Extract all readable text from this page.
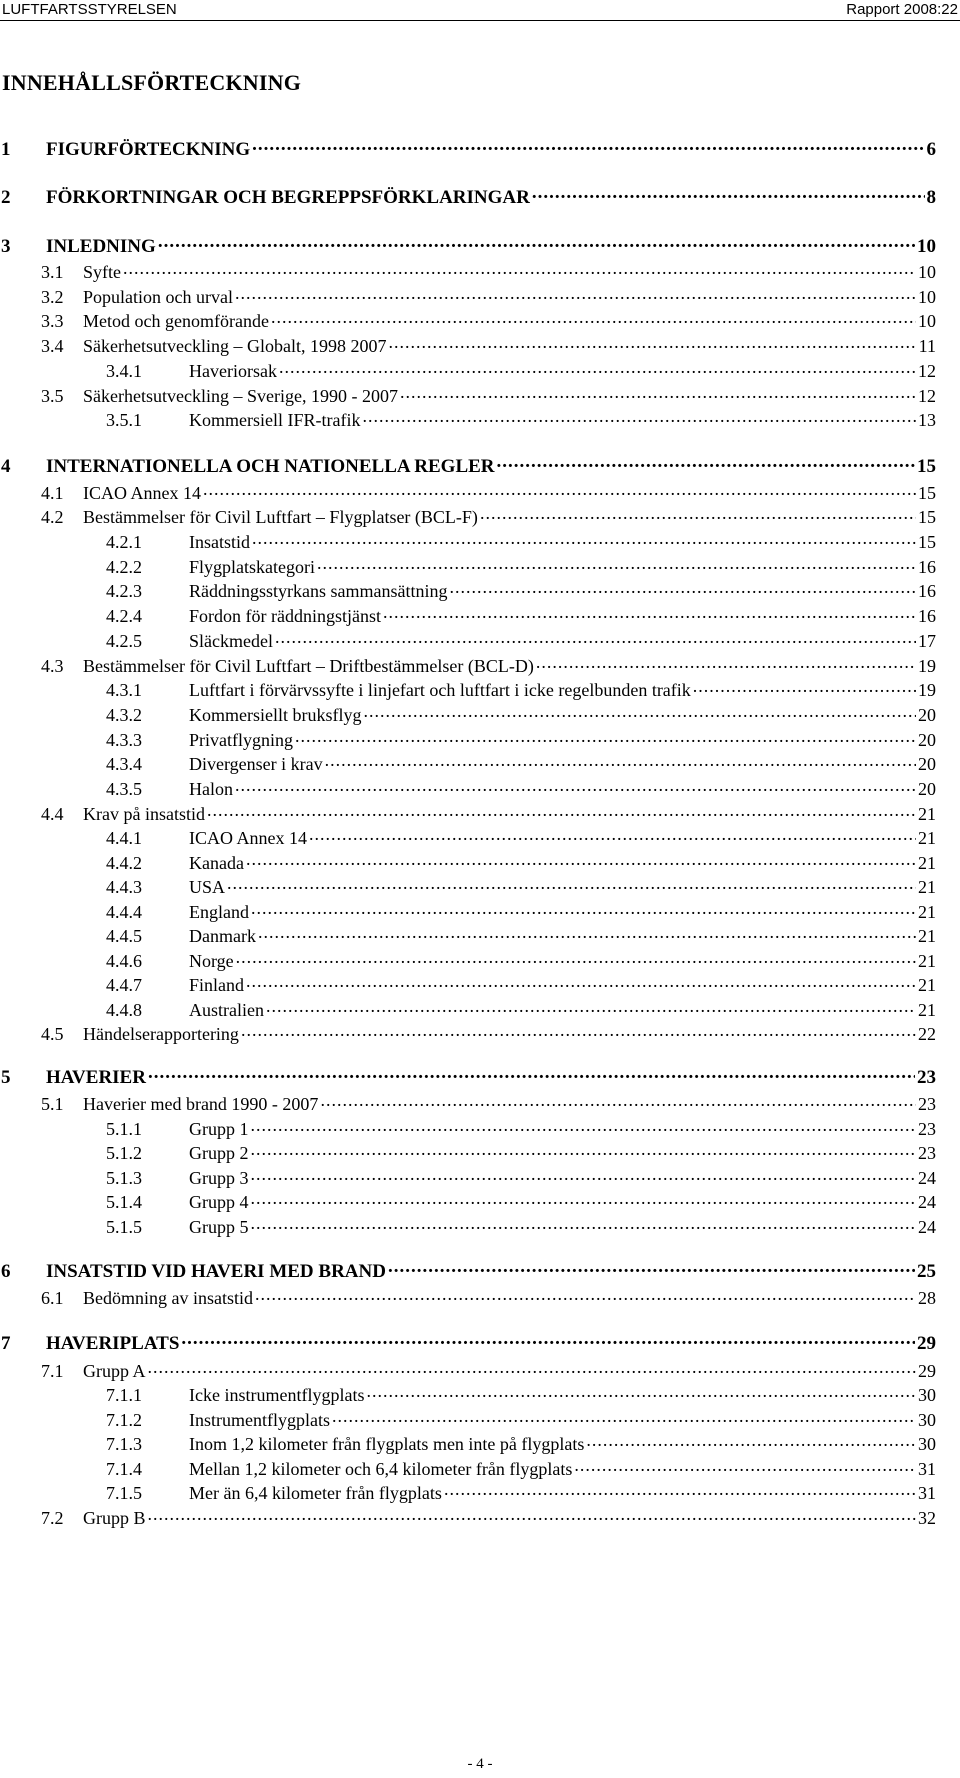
LUFTFARTSSTYRELSEN	Rapport 2008:22
INNEHÅLLSFÖRTECKNING
1	FIGURFÖRTECKNING .....	6
2	FÖRKORTNINGAR OCH BEGREPPSFÖRKLARINGAR .....	8
3	INLEDNING .....	10
3.1	Syfte .....	10
3.2	Population och urval .....	10
3.3	Metod och genomförande .....	10
3.4	Säkerhetsutveckling – Globalt, 1998 2007 .....	11
3.4.1	Haveriorsak .....	12
3.5	Säkerhetsutveckling – Sverige, 1990 - 2007 .....	12
3.5.1	Kommersiell IFR-trafik .....	13
4	INTERNATIONELLA OCH NATIONELLA REGLER .....	15
4.1	ICAO Annex 14 .....	15
4.2	Bestämmelser för Civil Luftfart – Flygplatser (BCL-F) .....	15
4.2.1	Insatstid .....	15
4.2.2	Flygplatskategori .....	16
4.2.3	Räddningsstyrkans sammansättning .....	16
4.2.4	Fordon för räddningstjänst .....	16
4.2.5	Släckmedel .....	17
4.3	Bestämmelser för Civil Luftfart – Driftbestämmelser (BCL-D) .....	19
4.3.1	Luftfart i förvärvssyfte i linjefart och luftfart i icke regelbunden trafik .....	19
4.3.2	Kommersiellt bruksflyg .....	20
4.3.3	Privatflygning .....	20
4.3.4	Divergenser i krav .....	20
4.3.5	Halon .....	20
4.4	Krav på insatstid .....	21
4.4.1	ICAO Annex 14 .....	21
4.4.2	Kanada .....	21
4.4.3	USA .....	21
4.4.4	England .....	21
4.4.5	Danmark .....	21
4.4.6	Norge .....	21
4.4.7	Finland .....	21
4.4.8	Australien .....	21
4.5	Händelserapportering .....	22
5	HAVERIER .....	23
5.1	Haverier med brand 1990 - 2007 .....	23
5.1.1	Grupp 1 .....	23
5.1.2	Grupp 2 .....	23
5.1.3	Grupp 3 .....	24
5.1.4	Grupp 4 .....	24
5.1.5	Grupp 5 .....	24
6	INSATSTID VID HAVERI MED BRAND .....	25
6.1	Bedömning av insatstid .....	28
7	HAVERIPLATS .....	29
7.1	Grupp A .....	29
7.1.1	Icke instrumentflygplats .....	30
7.1.2	Instrumentflygplats .....	30
7.1.3	Inom 1,2 kilometer från flygplats men inte på flygplats .....	30
7.1.4	Mellan 1,2 kilometer och 6,4 kilometer från flygplats .....	31
7.1.5	Mer än 6,4 kilometer från flygplats .....	31
7.2	Grupp B .....	32
- 4 -
